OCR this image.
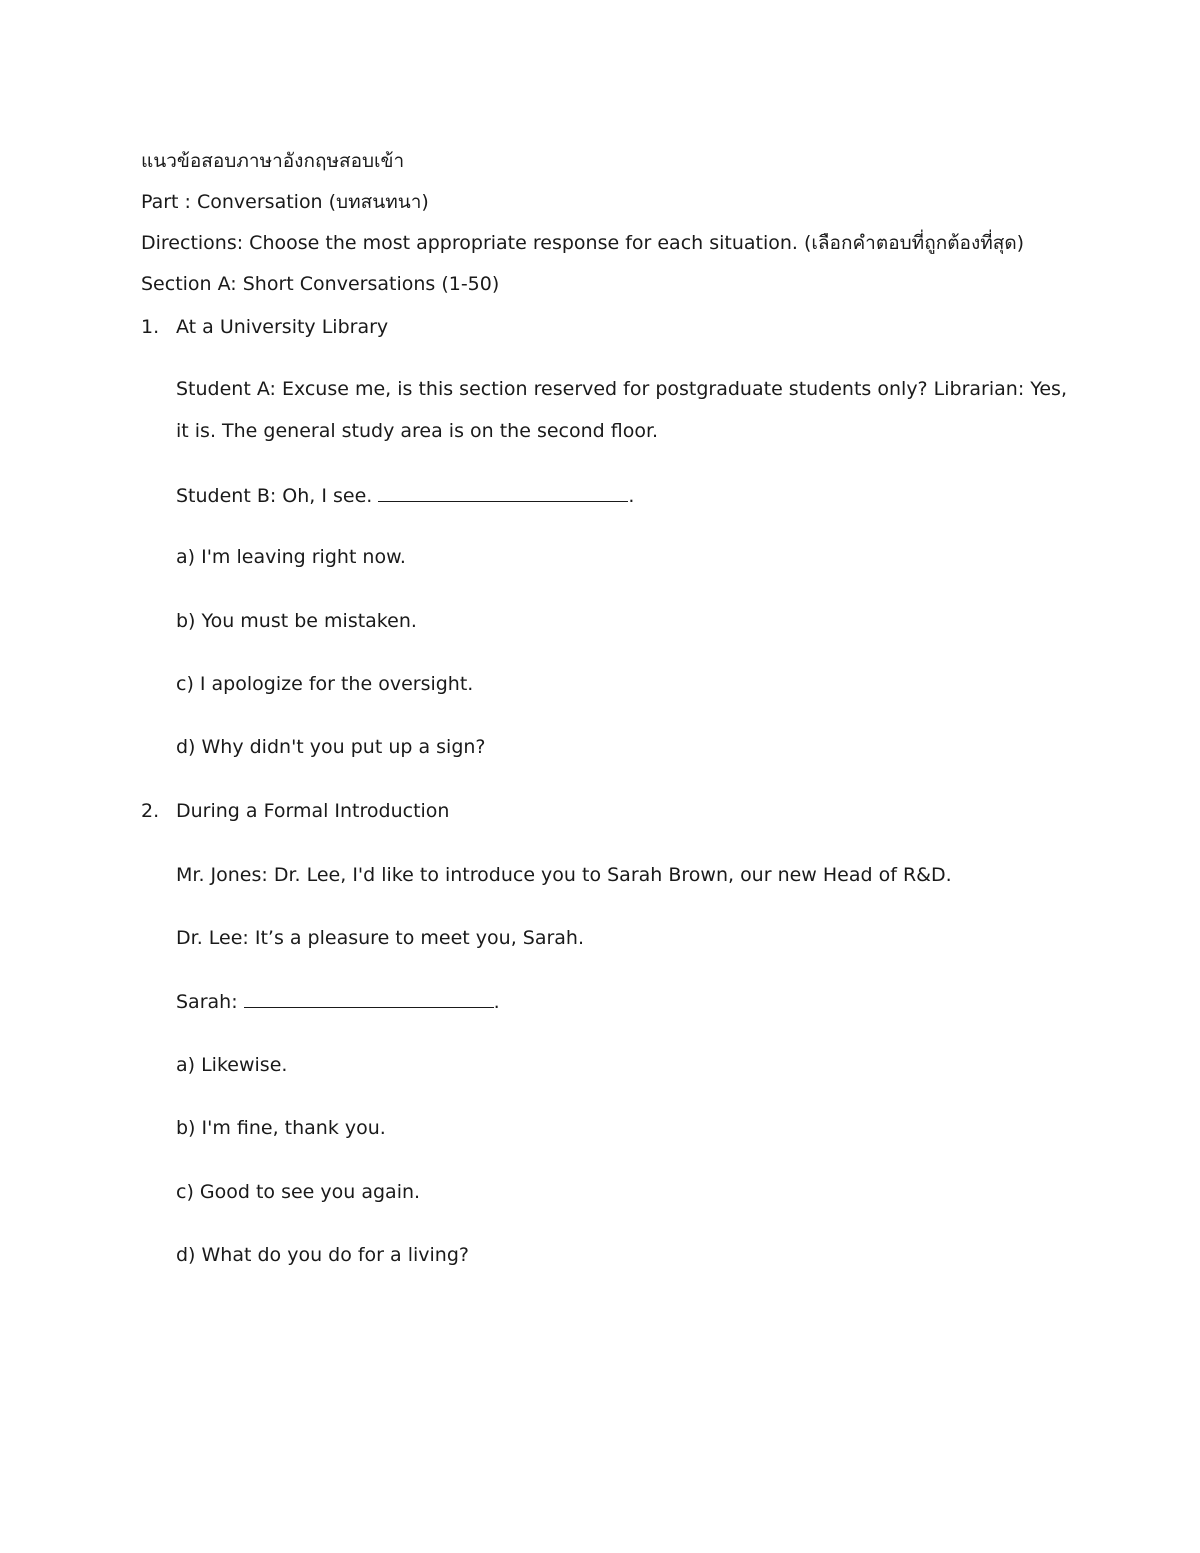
แนวข้อสอบภาษาอังกฤษสอบเข้า
Part : Conversation (บทสนทนา)
Directions: Choose the most appropriate response for each situation. (เลือกคำตอบที่ถูกต้องที่สุด)
Section A: Short Conversations (1-50)
1. At a University Library
Student A: Excuse me, is this section reserved for postgraduate students only? Librarian: Yes,
it is. The general study area is on the second floor.
Student B: Oh, I see.	.
a) I'm leaving right now.
b) You must be mistaken.
c) I apologize for the oversight.
d) Why didn't you put up a sign?
2. During a Formal Introduction
Mr. Jones: Dr. Lee, I'd like to introduce you to Sarah Brown, our new Head of R&D.
Dr. Lee: It’s a pleasure to meet you, Sarah.
Sarah:	.
a) Likewise.
b) I'm fine, thank you.
c) Good to see you again.
d) What do you do for a living?
